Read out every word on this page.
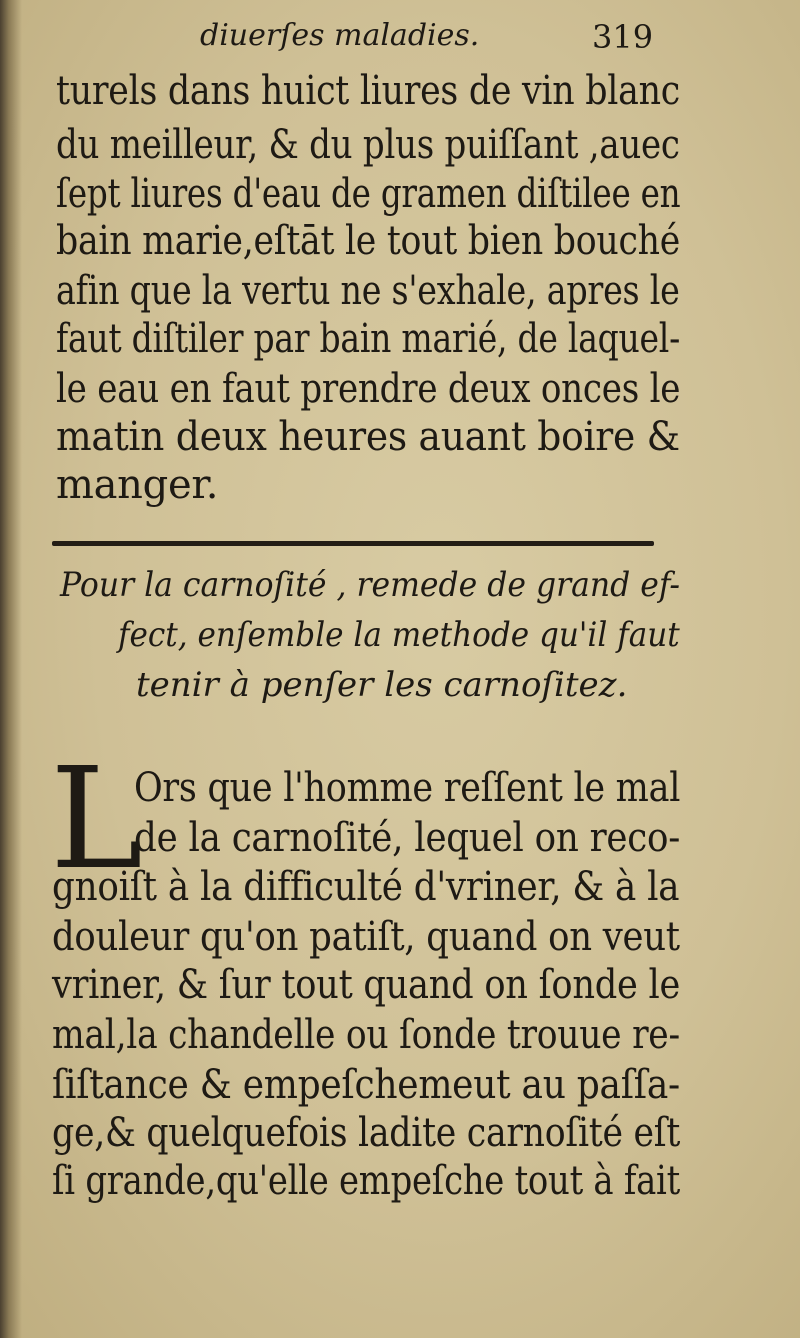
diuerſes maladies.	319
turels dans huict liures de vin blanc
du meilleur, & du plus puiſſant ,auec
ſept liures d'eau de gramen diſtilee en
bain marie,eſtāt le tout bien bouché
afin que la vertu ne s'exhale, apres le
faut diſtiler par bain marié, de laquel-
le eau en faut prendre deux onces le
matin deux heures auant boire &
manger.
Pour la carnoſité , remede de grand ef-
fect, enſemble la methode qu'il faut
tenir à penſer les carnoſitez.
L
Ors que l'homme reſſent le mal
de la carnoſité, lequel on reco-
gnoiſt à la difficulté d'vriner, & à la
douleur qu'on patiſt, quand on veut
vriner, & ſur tout quand on ſonde le
mal,la chandelle ou ſonde trouue re-
ſiſtance & empeſchemeut au paſſa-
ge,& quelquefois ladite carnoſité eſt
ſi grande,qu'elle empeſche tout à fait
